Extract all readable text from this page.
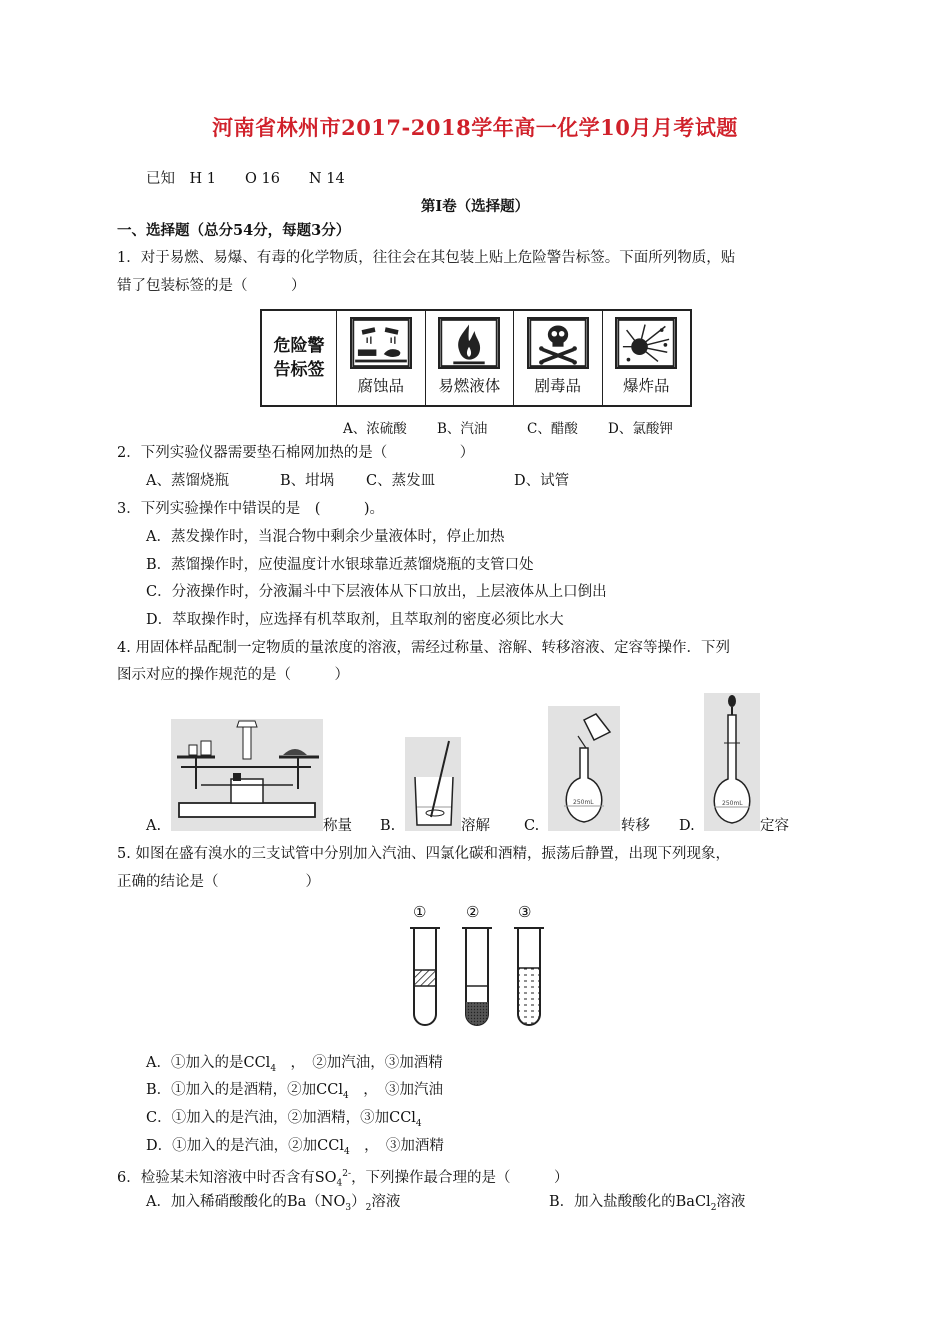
河南省林州市2017-2018学年高一化学10月月考试题
已知　H 1　　O 16　　N 14
第Ⅰ卷（选择题）
一、选择题（总分54分，每题3分）
1．对于易燃、易爆、有毒的化学物质，往往会在其包装上贴上危险警告标签。下面所列物质，贴
错了包装标签的是（　　　）
危险警
告标签
腐蚀品 易燃液体 剧毒品	爆炸品
A、浓硫酸 B、汽油	C、醋酸 D、氯酸钾
2．下列实验仪器需要垫石棉网加热的是（　　　　　）
A、蒸馏烧瓶	B、坩埚 C、蒸发皿	D、试管
3．下列实验操作中错误的是　(　　　)。
A．蒸发操作时，当混合物中剩余少量液体时，停止加热
B．蒸馏操作时，应使温度计水银球靠近蒸馏烧瓶的支管口处
C．分液操作时，分液漏斗中下层液体从下口放出，上层液体从上口倒出
D．萃取操作时，应选择有机萃取剂，且萃取剂的密度必须比水大
4. 用固体样品配制一定物质的量浓度的溶液，需经过称量、溶解、转移溶液、定容等操作．下列
图示对应的操作规范的是（　　　）
250mL	250mL
A.	称量 B.	溶解 C.	转移 D.	定容
5. 如图在盛有溴水的三支试管中分别加入汽油、四氯化碳和酒精，振荡后静置，出现下列现象，
正确的结论是（　　　　　　）
①	②	③
A．①加入的是CCl$_4$　，　②加汽油，③加酒精
B．①加入的是酒精，②加CCl$_4$　，　③加汽油
C．①加入的是汽油，②加酒精，③加CCl$_4$
D．①加入的是汽油，②加CCl$_4$　，　③加酒精
6．检验某未知溶液中时否含有$SO_4^{2-}$，下列操作最合理的是（　　　）
A．加入稀硝酸酸化的$Ba(NO_3)_2$溶液	B．加入盐酸酸化的BaCl$_2$溶液
